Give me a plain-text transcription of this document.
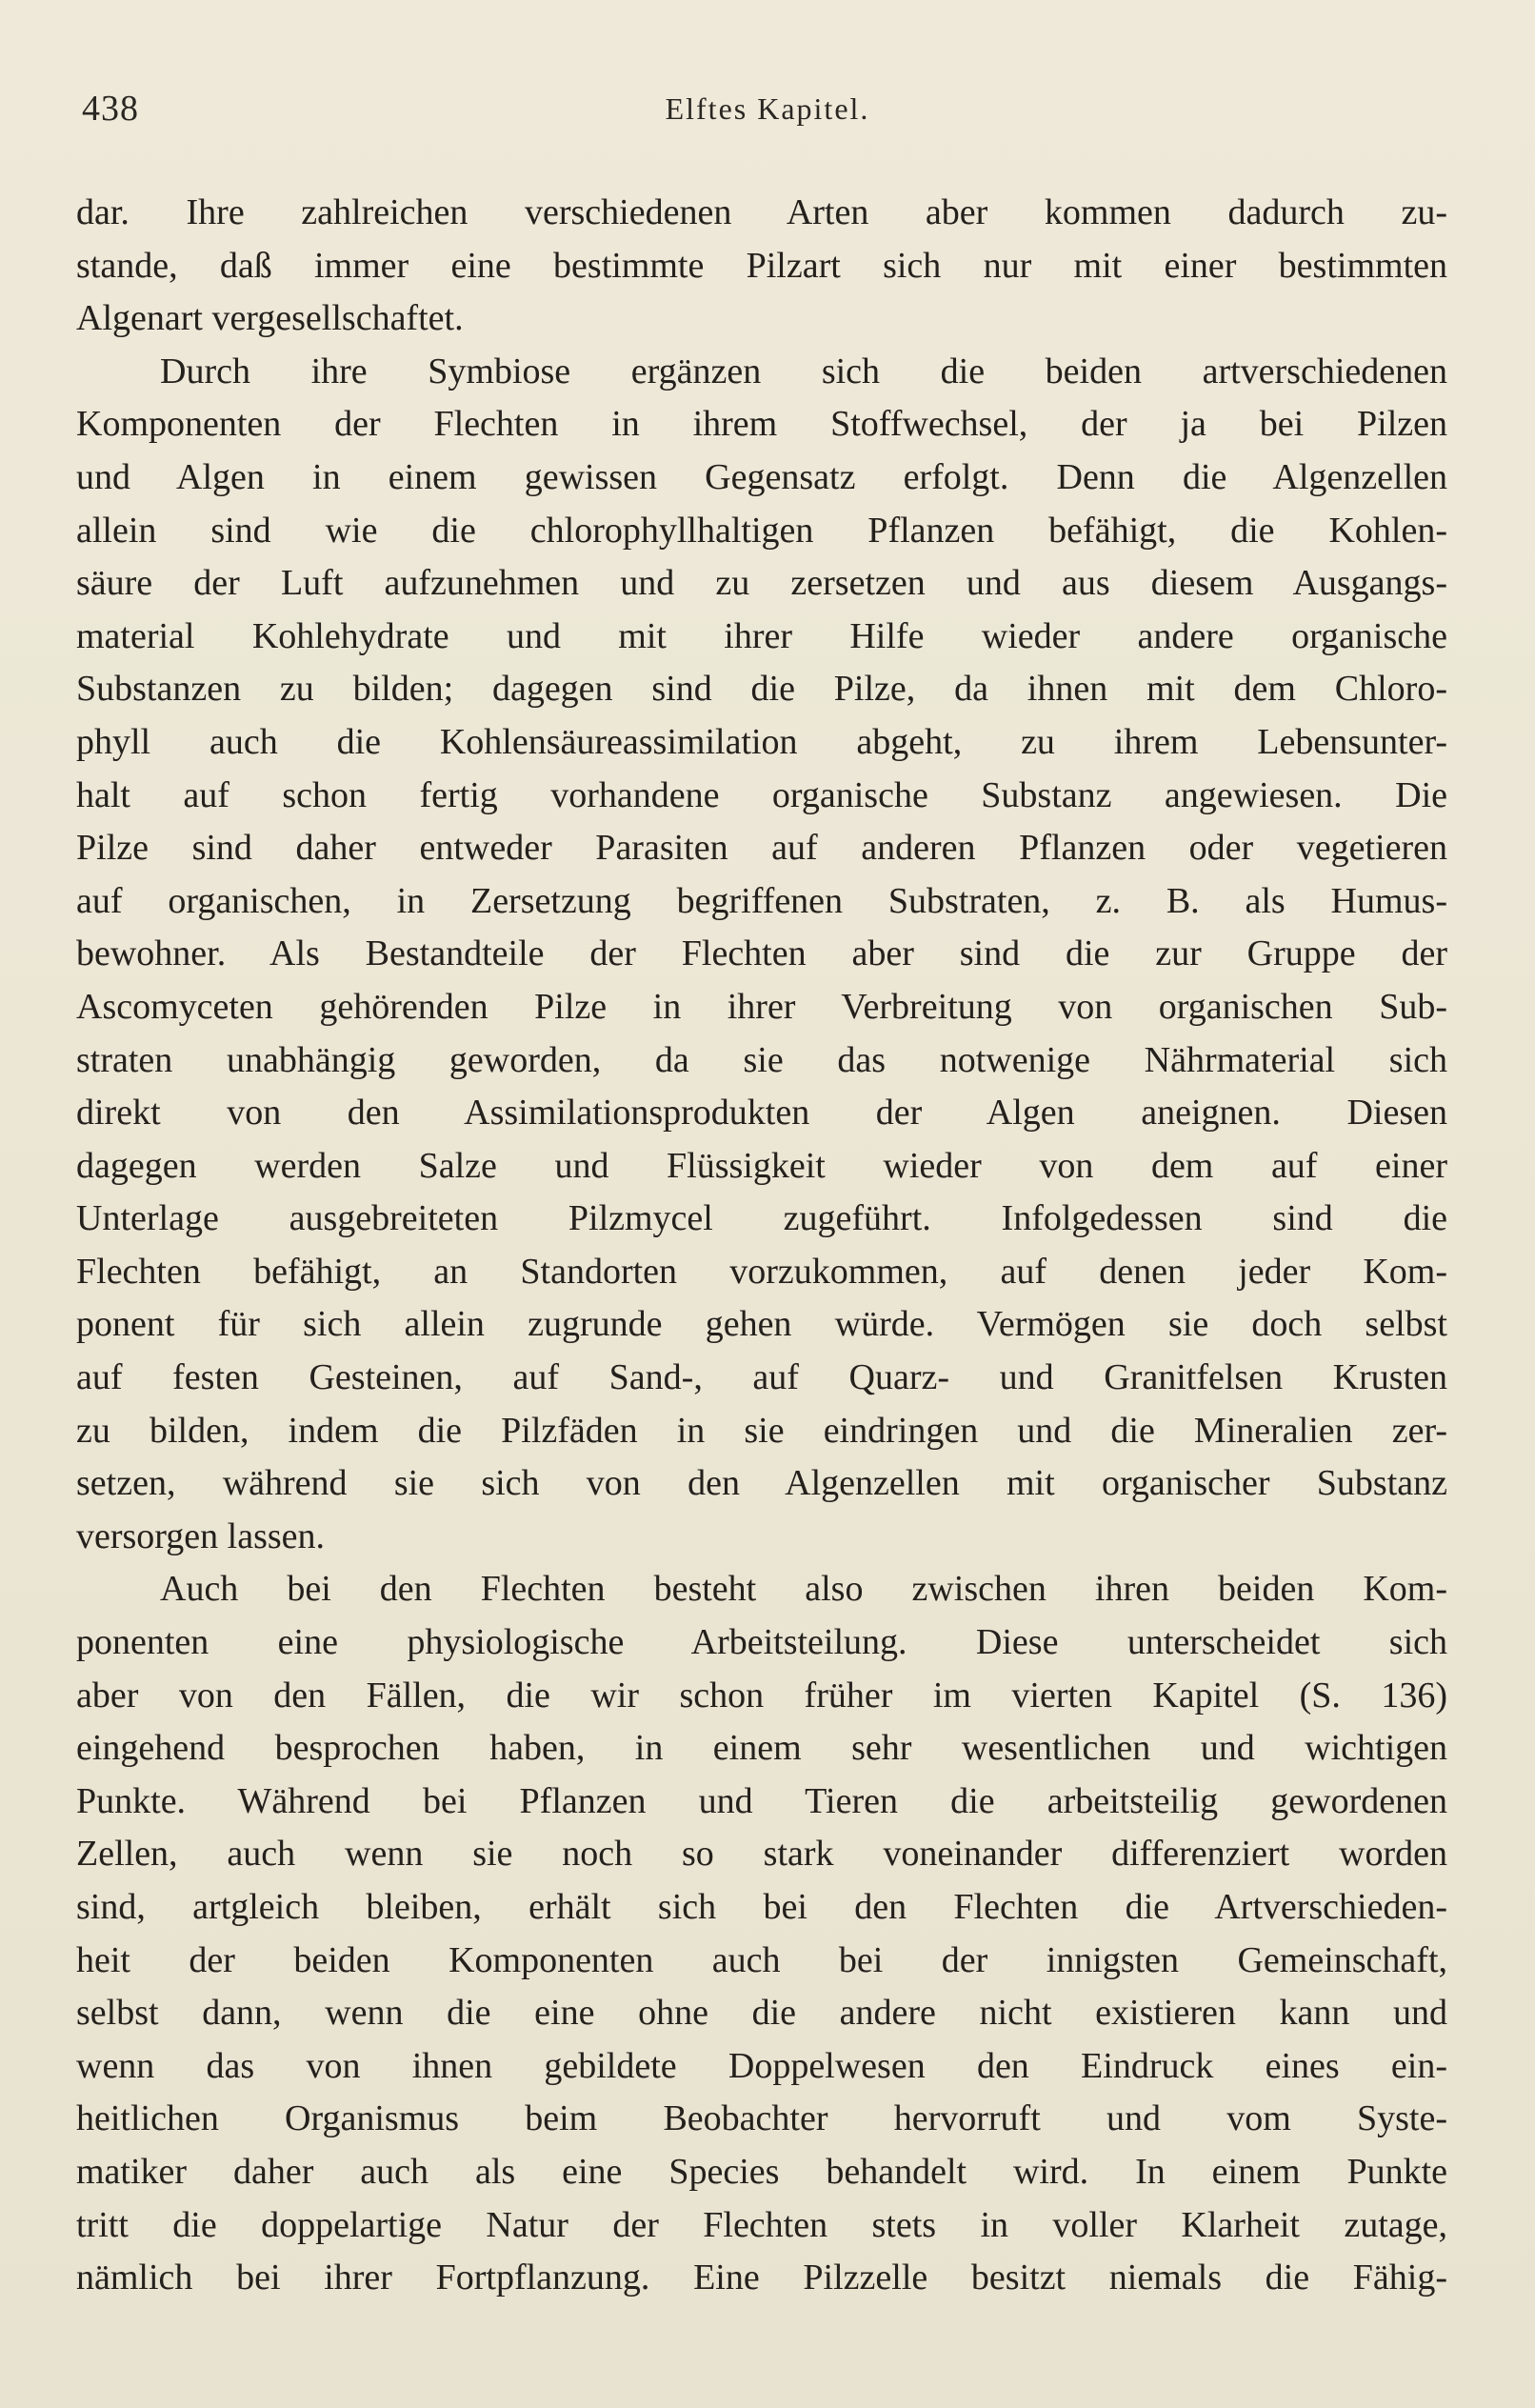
438	Elftes Kapitel.
dar. Ihre zahlreichen verschiedenen Arten aber kommen dadurch zu-
stande, daß immer eine bestimmte Pilzart sich nur mit einer bestimmten
Algenart vergesellschaftet.
Durch ihre Symbiose ergänzen sich die beiden artverschiedenen
Komponenten der Flechten in ihrem Stoffwechsel, der ja bei Pilzen
und Algen in einem gewissen Gegensatz erfolgt. Denn die Algenzellen
allein sind wie die chlorophyllhaltigen Pflanzen befähigt, die Kohlen-
säure der Luft aufzunehmen und zu zersetzen und aus diesem Ausgangs-
material Kohlehydrate und mit ihrer Hilfe wieder andere organische
Substanzen zu bilden; dagegen sind die Pilze, da ihnen mit dem Chloro-
phyll auch die Kohlensäureassimilation abgeht, zu ihrem Lebensunter-
halt auf schon fertig vorhandene organische Substanz angewiesen. Die
Pilze sind daher entweder Parasiten auf anderen Pflanzen oder vegetieren
auf organischen, in Zersetzung begriffenen Substraten, z. B. als Humus-
bewohner. Als Bestandteile der Flechten aber sind die zur Gruppe der
Ascomyceten gehörenden Pilze in ihrer Verbreitung von organischen Sub-
straten unabhängig geworden, da sie das notwenige Nährmaterial sich
direkt von den Assimilationsprodukten der Algen aneignen. Diesen
dagegen werden Salze und Flüssigkeit wieder von dem auf einer
Unterlage ausgebreiteten Pilzmycel zugeführt. Infolgedessen sind die
Flechten befähigt, an Standorten vorzukommen, auf denen jeder Kom-
ponent für sich allein zugrunde gehen würde. Vermögen sie doch selbst
auf festen Gesteinen, auf Sand-, auf Quarz- und Granitfelsen Krusten
zu bilden, indem die Pilzfäden in sie eindringen und die Mineralien zer-
setzen, während sie sich von den Algenzellen mit organischer Substanz
versorgen lassen.
Auch bei den Flechten besteht also zwischen ihren beiden Kom-
ponenten eine physiologische Arbeitsteilung. Diese unterscheidet sich
aber von den Fällen, die wir schon früher im vierten Kapitel (S. 136)
eingehend besprochen haben, in einem sehr wesentlichen und wichtigen
Punkte. Während bei Pflanzen und Tieren die arbeitsteilig gewordenen
Zellen, auch wenn sie noch so stark voneinander differenziert worden
sind, artgleich bleiben, erhält sich bei den Flechten die Artverschieden-
heit der beiden Komponenten auch bei der innigsten Gemeinschaft,
selbst dann, wenn die eine ohne die andere nicht existieren kann und
wenn das von ihnen gebildete Doppelwesen den Eindruck eines ein-
heitlichen Organismus beim Beobachter hervorruft und vom Syste-
matiker daher auch als eine Species behandelt wird. In einem Punkte
tritt die doppelartige Natur der Flechten stets in voller Klarheit zutage,
nämlich bei ihrer Fortpflanzung. Eine Pilzzelle besitzt niemals die Fähig-
